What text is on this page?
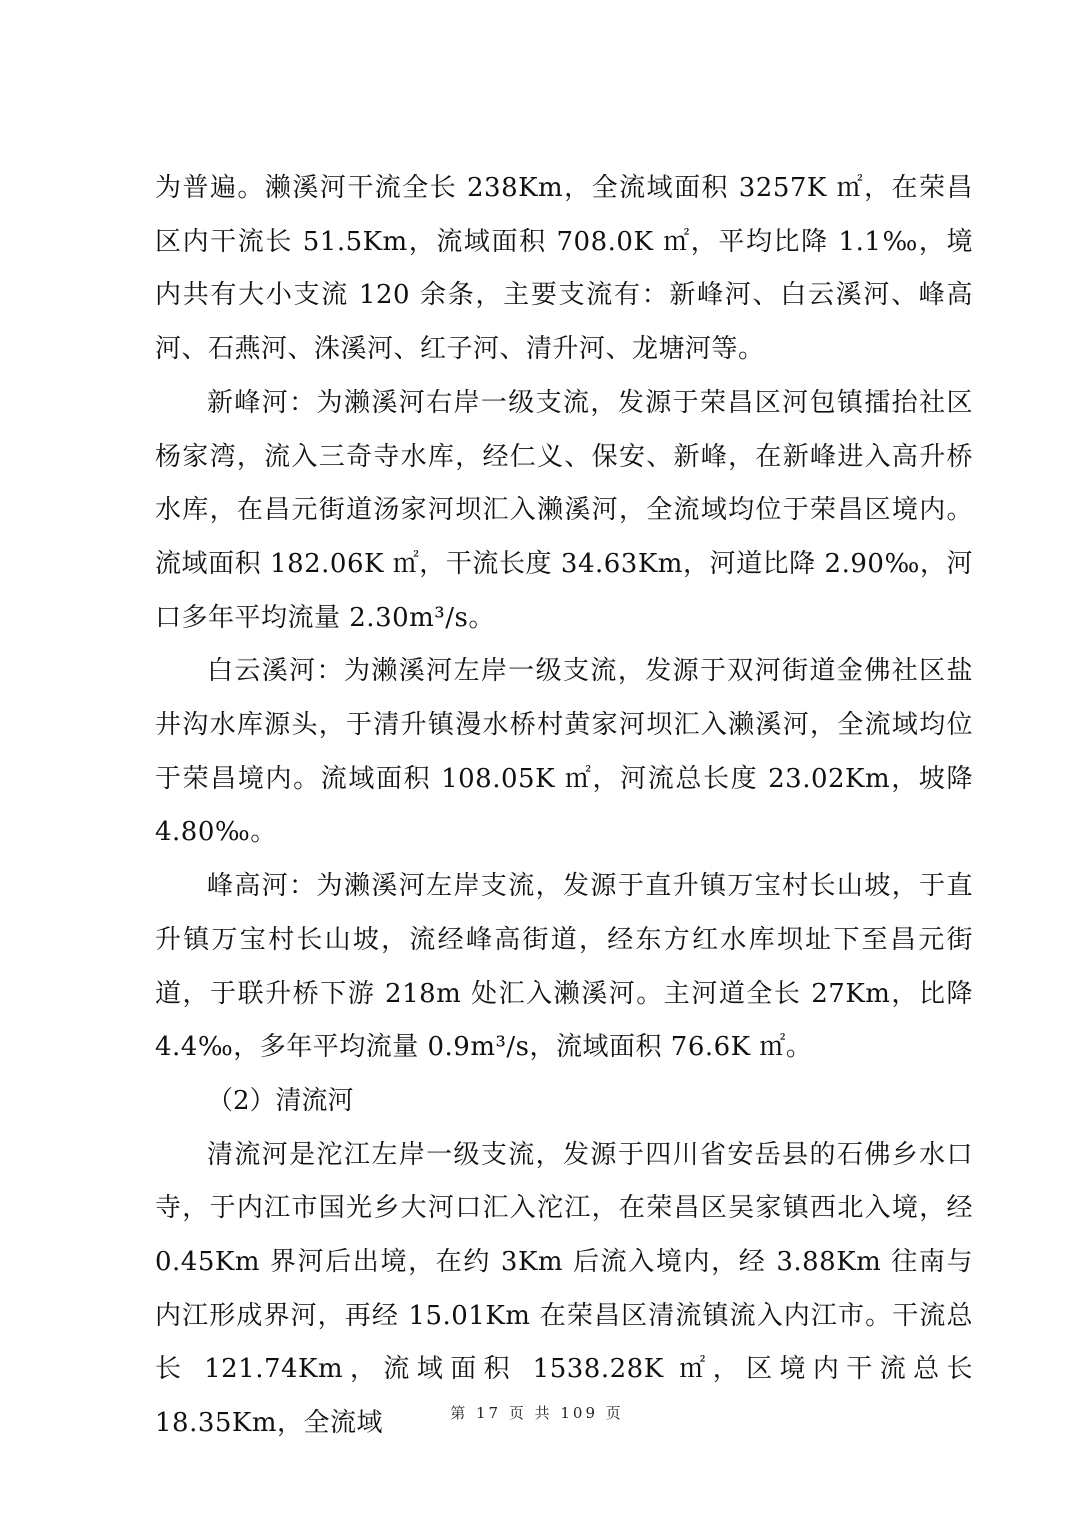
为普遍。濑溪河干流全长 238Km，全流域面积 3257K ㎡，在荣昌区内干流长 51.5Km，流域面积 708.0K ㎡，平均比降 1.1‰，境内共有大小支流 120 余条，主要支流有：新峰河、白云溪河、峰高河、石燕河、洙溪河、红子河、清升河、龙塘河等。

新峰河：为濑溪河右岸一级支流，发源于荣昌区河包镇擂抬社区杨家湾，流入三奇寺水库，经仁义、保安、新峰，在新峰进入高升桥水库，在昌元街道汤家河坝汇入濑溪河，全流域均位于荣昌区境内。流域面积 182.06K ㎡，干流长度 34.63Km，河道比降 2.90‰，河口多年平均流量 2.30m³/s。

白云溪河：为濑溪河左岸一级支流，发源于双河街道金佛社区盐井沟水库源头，于清升镇漫水桥村黄家河坝汇入濑溪河，全流域均位于荣昌境内。流域面积 108.05K ㎡，河流总长度 23.02Km，坡降 4.80‰。

峰高河：为濑溪河左岸支流，发源于直升镇万宝村长山坡，于直升镇万宝村长山坡，流经峰高街道，经东方红水库坝址下至昌元街道，于联升桥下游 218m 处汇入濑溪河。主河道全长 27Km，比降 4.4‰，多年平均流量 0.9m³/s，流域面积 76.6K ㎡。

（2）清流河

清流河是沱江左岸一级支流，发源于四川省安岳县的石佛乡水口寺，于内江市国光乡大河口汇入沱江，在荣昌区吴家镇西北入境，经 0.45Km 界河后出境，在约 3Km 后流入境内，经 3.88Km 往南与内江形成界河，再经 15.01Km 在荣昌区清流镇流入内江市。干流总长 121.74Km，流域面积 1538.28K ㎡，区境内干流总长 18.35Km，全流域	第 17 页 共 109 页
